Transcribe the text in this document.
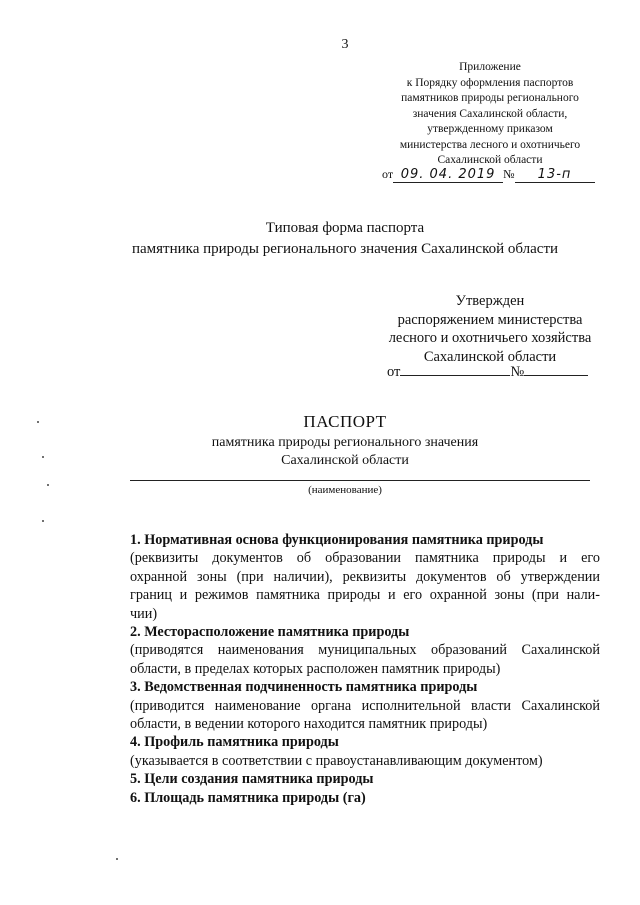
3
Приложение
к Порядку оформления паспортов
памятников природы регионального
значения Сахалинской области,
утвержденному приказом
министерства лесного и охотничьего
Сахалинской области
от 09. 04. 2019 № 13-п
Типовая форма паспорта
памятника природы регионального значения Сахалинской области
Утвержден
распоряжением министерства
лесного и охотничьего хозяйства
Сахалинской области
от	№
ПАСПОРТ
памятника природы регионального значения
Сахалинской области
(наименование)
1. Нормативная основа функционирования памятника природы
(реквизиты документов об образовании памятника природы и его
охранной зоны (при наличии), реквизиты документов об утверждении
границ и режимов памятника природы и его охранной зоны (при нали-
чии)
2. Месторасположение памятника природы
(приводятся наименования муниципальных образований Сахалинской
области, в пределах которых расположен памятник природы)
3. Ведомственная подчиненность памятника природы
(приводится наименование органа исполнительной власти Сахалинской
области, в ведении которого находится памятник природы)
4. Профиль памятника природы
(указывается в соответствии с правоустанавливающим документом)
5. Цели создания памятника природы
6. Площадь памятника природы (га)
